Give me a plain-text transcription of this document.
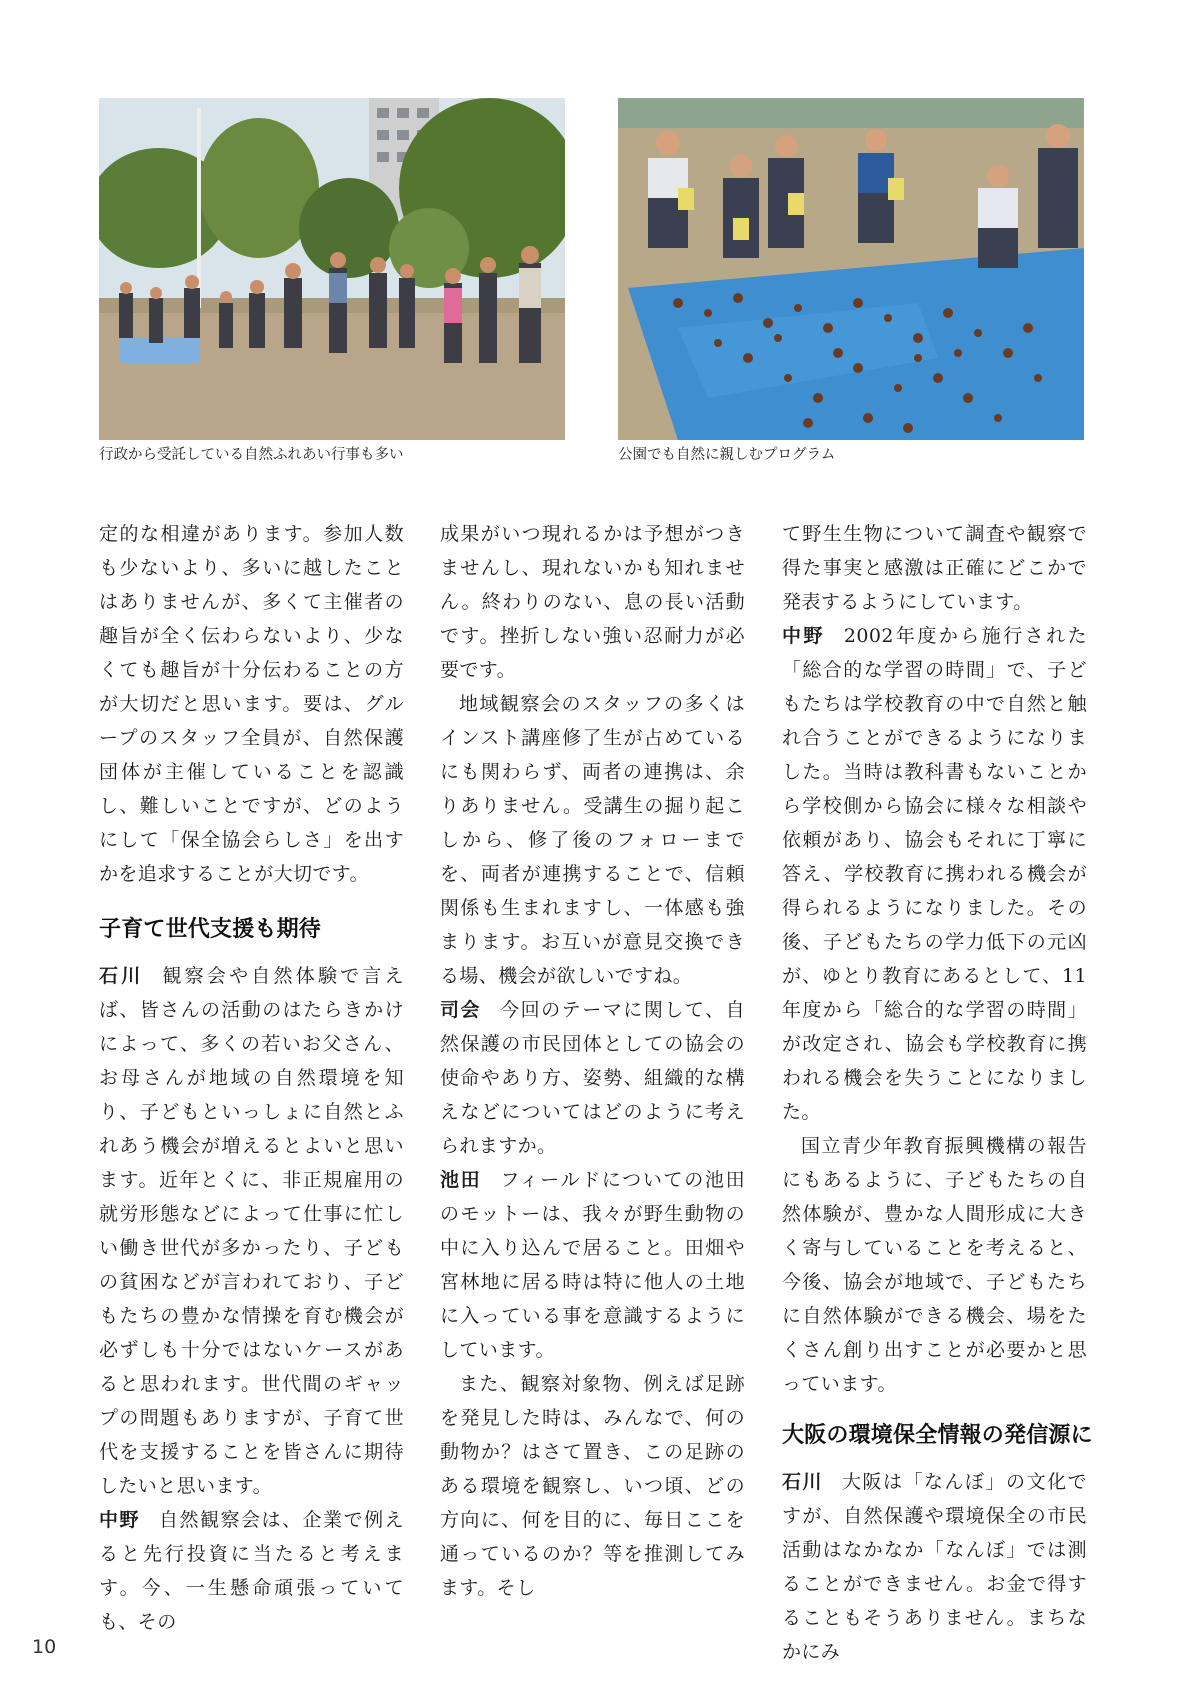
行政から受託している自然ふれあい行事も多い	公園でも自然に親しむプログラム

定的な相違があります。参加人数も少ないより、多いに越したことはありませんが、多くて主催者の趣旨が全く伝わらないより、少なくても趣旨が十分伝わることの方が大切だと思います。要は、グループのスタッフ全員が、自然保護団体が主催していることを認識し、難しいことですが、どのようにして「保全協会らしさ」を出すかを追求することが大切です。

子育て世代支援も期待

石川 観察会や自然体験で言えば、皆さんの活動のはたらきかけによって、多くの若いお父さん、お母さんが地域の自然環境を知り、子どもといっしょに自然とふれあう機会が増えるとよいと思います。近年とくに、非正規雇用の就労形態などによって仕事に忙しい働き世代が多かったり、子どもの貧困などが言われており、子どもたちの豊かな情操を育む機会が必ずしも十分ではないケースがあると思われます。世代間のギャップの問題もありますが、子育て世代を支援することを皆さんに期待したいと思います。

中野 自然観察会は、企業で例えると先行投資に当たると考えます。今、一生懸命頑張っていても、その

成果がいつ現れるかは予想がつきませんし、現れないかも知れません。終わりのない、息の長い活動です。挫折しない強い忍耐力が必要です。

地域観察会のスタッフの多くはインスト講座修了生が占めているにも関わらず、両者の連携は、余りありません。受講生の掘り起こしから、修了後のフォローまでを、両者が連携することで、信頼関係も生まれますし、一体感も強まります。お互いが意見交換できる場、機会が欲しいですね。

司会 今回のテーマに関して、自然保護の市民団体としての協会の使命やあり方、姿勢、組織的な構えなどについてはどのように考えられますか。

池田 フィールドについての池田のモットーは、我々が野生動物の中に入り込んで居ること。田畑や宮林地に居る時は特に他人の土地に入っている事を意識するようにしています。

また、観察対象物、例えば足跡を発見した時は、みんなで、何の動物か？はさて置き、この足跡のある環境を観察し、いつ頃、どの方向に、何を目的に、毎日ここを通っているのか？等を推測してみます。そし

て野生生物について調査や観察で得た事実と感激は正確にどこかで発表するようにしています。

中野 2002年度から施行された「総合的な学習の時間」で、子どもたちは学校教育の中で自然と触れ合うことができるようになりました。当時は教科書もないことから学校側から協会に様々な相談や依頼があり、協会もそれに丁寧に答え、学校教育に携われる機会が得られるようになりました。その後、子どもたちの学力低下の元凶が、ゆとり教育にあるとして、11年度から「総合的な学習の時間」が改定され、協会も学校教育に携われる機会を失うことになりました。

国立青少年教育振興機構の報告にもあるように、子どもたちの自然体験が、豊かな人間形成に大きく寄与していることを考えると、今後、協会が地域で、子どもたちに自然体験ができる機会、場をたくさん創り出すことが必要かと思っています。

大阪の環境保全情報の発信源に

石川 大阪は「なんぼ」の文化ですが、自然保護や環境保全の市民活動はなかなか「なんぼ」では測ることができません。お金で得することもそうありません。まちなかにみ

10
